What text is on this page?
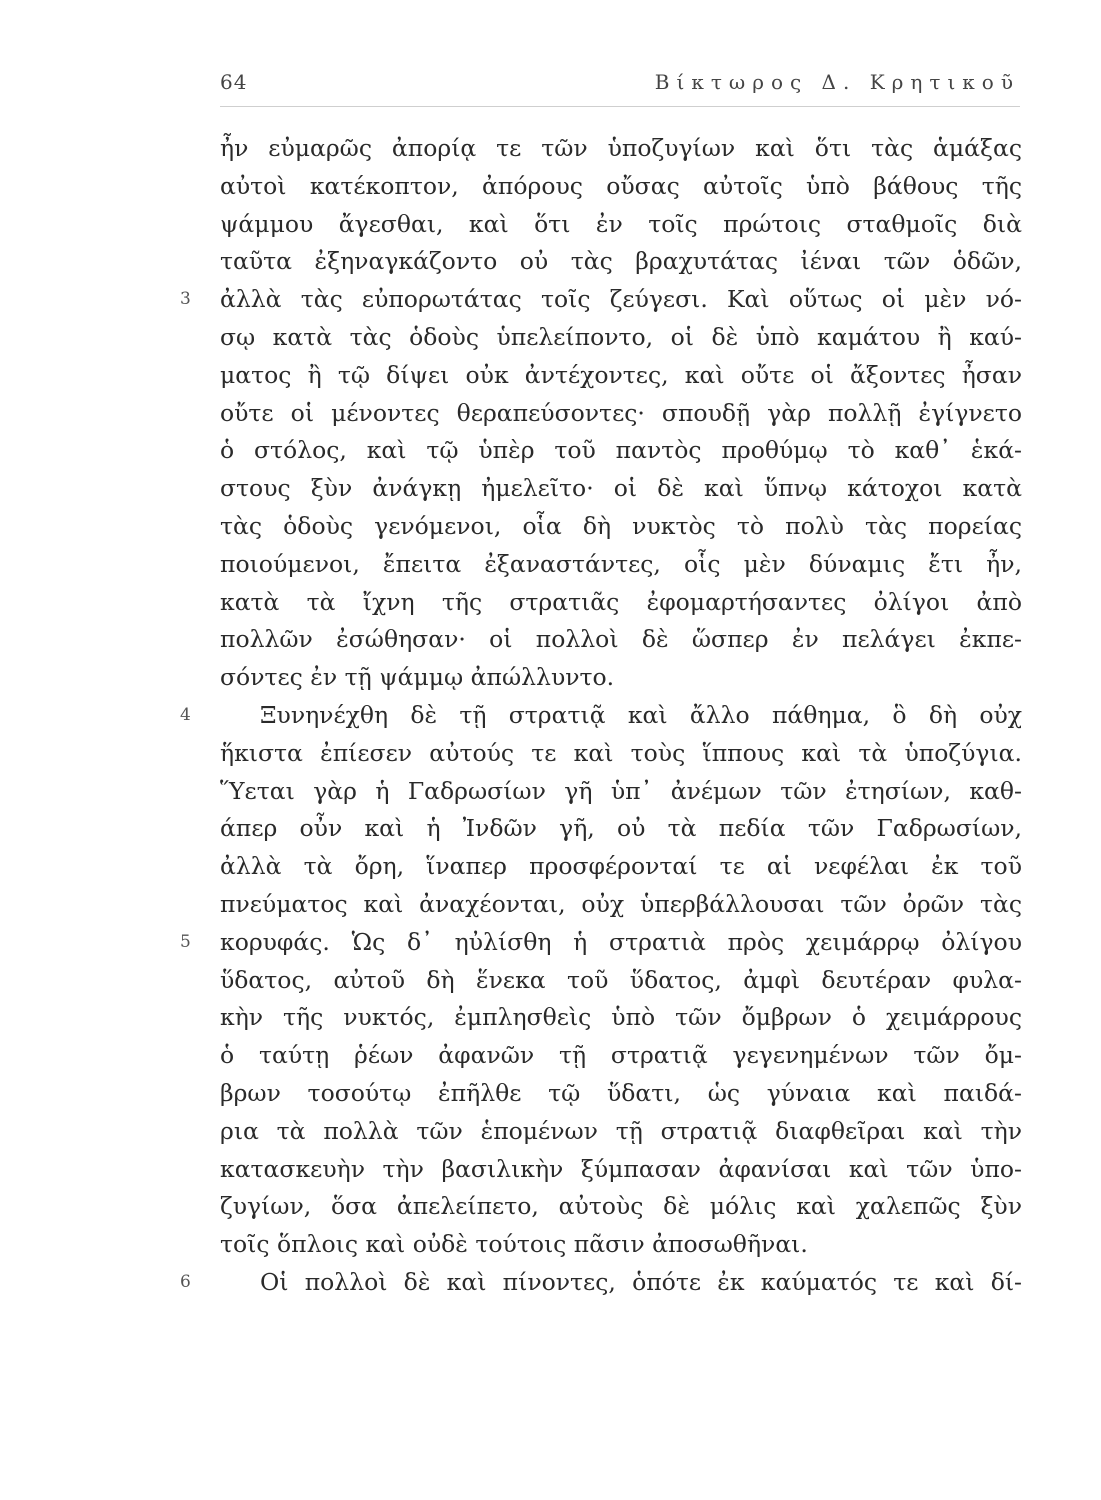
64	Βίκτωρος Δ. Κρητικοῦ
ἦν εὐμαρῶς ἀπορίᾳ τε τῶν ὑποζυγίων καὶ ὅτι τὰς ἁμάξας
αὐτοὶ κατέκοπτον, ἀπόρους οὔσας αὐτοῖς ὑπὸ βάθους τῆς
ψάμμου ἄγεσθαι, καὶ ὅτι ἐν τοῖς πρώτοις σταθμοῖς διὰ
ταῦτα ἐξηναγκάζοντο οὐ τὰς βραχυτάτας ἰέναι τῶν ὁδῶν,
3 ἀλλὰ τὰς εὐπορωτάτας τοῖς ζεύγεσι. Καὶ οὕτως οἱ μὲν νό-
σῳ κατὰ τὰς ὁδοὺς ὑπελείποντο, οἱ δὲ ὑπὸ καμάτου ἢ καύ-
ματος ἢ τῷ δίψει οὐκ ἀντέχοντες, καὶ οὔτε οἱ ἄξοντες ἦσαν
οὔτε οἱ μένοντες θεραπεύσοντες· σπουδῇ γὰρ πολλῇ ἐγίγνετο
ὁ στόλος, καὶ τῷ ὑπὲρ τοῦ παντὸς προθύμῳ τὸ καθ᾽ ἑκά-
στους ξὺν ἀνάγκῃ ἠμελεῖτο· οἱ δὲ καὶ ὕπνῳ κάτοχοι κατὰ
τὰς ὁδοὺς γενόμενοι, οἷα δὴ νυκτὸς τὸ πολὺ τὰς πορείας
ποιούμενοι, ἔπειτα ἐξαναστάντες, οἷς μὲν δύναμις ἔτι ἦν,
κατὰ τὰ ἴχνη τῆς στρατιᾶς ἐφομαρτήσαντες ὀλίγοι ἀπὸ
πολλῶν ἐσώθησαν· οἱ πολλοὶ δὲ ὥσπερ ἐν πελάγει ἐκπε-
σόντες ἐν τῇ ψάμμῳ ἀπώλλυντο.
4	Ξυνηνέχθη δὲ τῇ στρατιᾷ καὶ ἄλλο πάθημα, ὃ δὴ οὐχ
ἥκιστα ἐπίεσεν αὐτούς τε καὶ τοὺς ἵππους καὶ τὰ ὑποζύγια.
Ὕεται γὰρ ἡ Γαδρωσίων γῆ ὑπ᾽ ἀνέμων τῶν ἐτησίων, καθ-
άπερ οὖν καὶ ἡ Ἰνδῶν γῆ, οὐ τὰ πεδία τῶν Γαδρωσίων,
ἀλλὰ τὰ ὄρη, ἵναπερ προσφέρονταί τε αἱ νεφέλαι ἐκ τοῦ
πνεύματος καὶ ἀναχέονται, οὐχ ὑπερβάλλουσαι τῶν ὀρῶν τὰς
5 κορυφάς. Ὡς δ᾽ ηὐλίσθη ἡ στρατιὰ πρὸς χειμάρρῳ ὀλίγου
ὕδατος, αὐτοῦ δὴ ἕνεκα τοῦ ὕδατος, ἀμφὶ δευτέραν φυλα-
κὴν τῆς νυκτός, ἐμπλησθεὶς ὑπὸ τῶν ὄμβρων ὁ χειμάρρους
ὁ ταύτῃ ῥέων ἀφανῶν τῇ στρατιᾷ γεγενημένων τῶν ὄμ-
βρων τοσούτῳ ἐπῆλθε τῷ ὕδατι, ὡς γύναια καὶ παιδά-
ρια τὰ πολλὰ τῶν ἑπομένων τῇ στρατιᾷ διαφθεῖραι καὶ τὴν
κατασκευὴν τὴν βασιλικὴν ξύμπασαν ἀφανίσαι καὶ τῶν ὑπο-
ζυγίων, ὅσα ἀπελείπετο, αὐτοὺς δὲ μόλις καὶ χαλεπῶς ξὺν
τοῖς ὅπλοις καὶ οὐδὲ τούτοις πᾶσιν ἀποσωθῆναι.
6	Οἱ πολλοὶ δὲ καὶ πίνοντες, ὁπότε ἐκ καύματός τε καὶ δί-
